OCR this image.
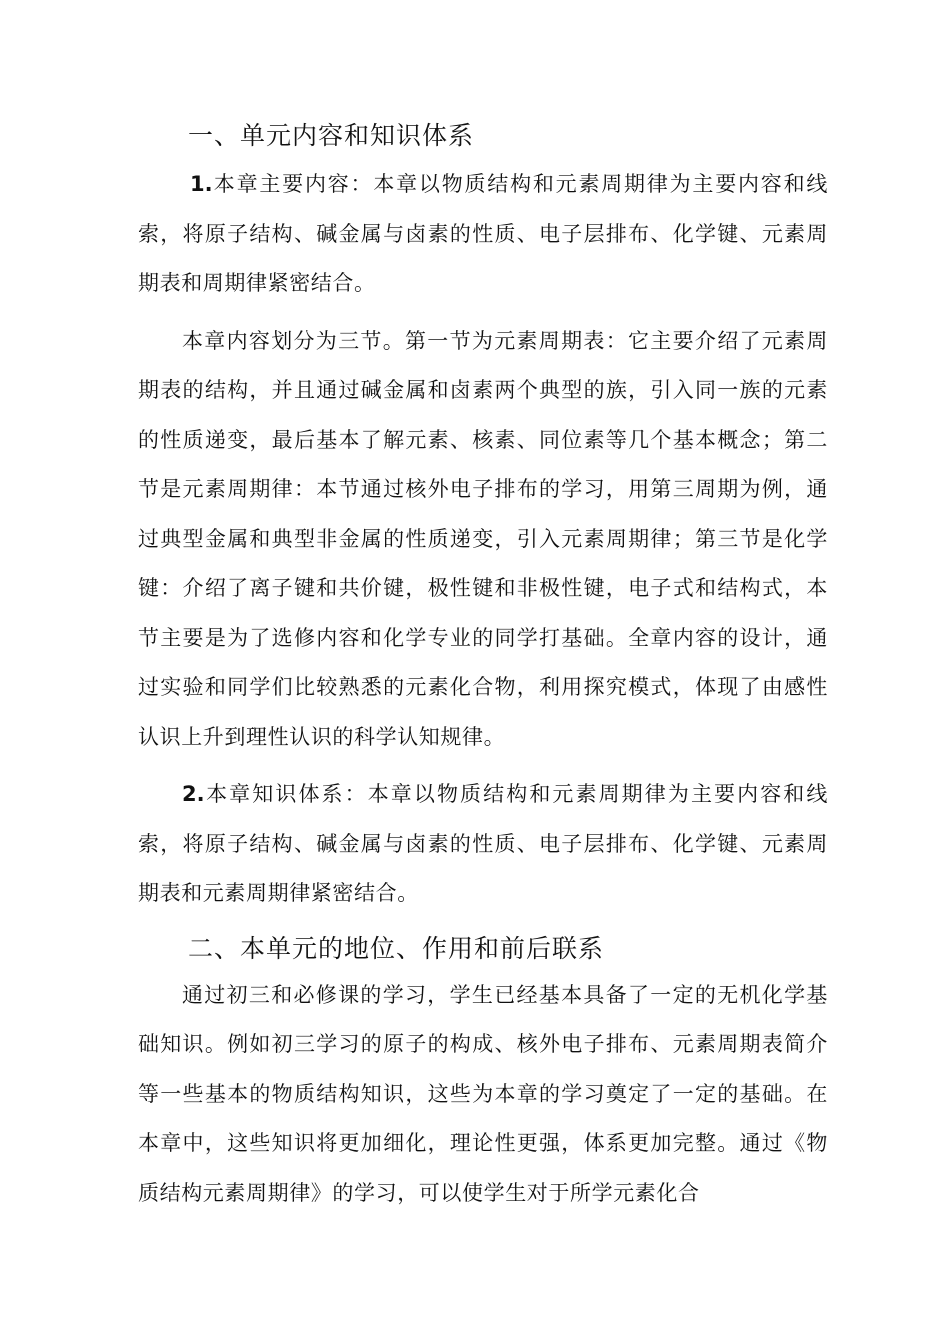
一、单元内容和知识体系

1.本章主要内容：本章以物质结构和元素周期律为主要内容和线索，将原子结构、碱金属与卤素的性质、电子层排布、化学键、元素周期表和周期律紧密结合。

本章内容划分为三节。第一节为元素周期表：它主要介绍了元素周期表的结构，并且通过碱金属和卤素两个典型的族，引入同一族的元素的性质递变，最后基本了解元素、核素、同位素等几个基本概念；第二节是元素周期律：本节通过核外电子排布的学习，用第三周期为例，通过典型金属和典型非金属的性质递变，引入元素周期律；第三节是化学键：介绍了离子键和共价键，极性键和非极性键，电子式和结构式，本节主要是为了选修内容和化学专业的同学打基础。全章内容的设计，通过实验和同学们比较熟悉的元素化合物，利用探究模式，体现了由感性认识上升到理性认识的科学认知规律。

2.本章知识体系：本章以物质结构和元素周期律为主要内容和线索，将原子结构、碱金属与卤素的性质、电子层排布、化学键、元素周期表和元素周期律紧密结合。

二、本单元的地位、作用和前后联系

通过初三和必修课的学习，学生已经基本具备了一定的无机化学基础知识。例如初三学习的原子的构成、核外电子排布、元素周期表简介等一些基本的物质结构知识，这些为本章的学习奠定了一定的基础。在本章中，这些知识将更加细化，理论性更强，体系更加完整。通过《物质结构元素周期律》的学习，可以使学生对于所学元素化合
